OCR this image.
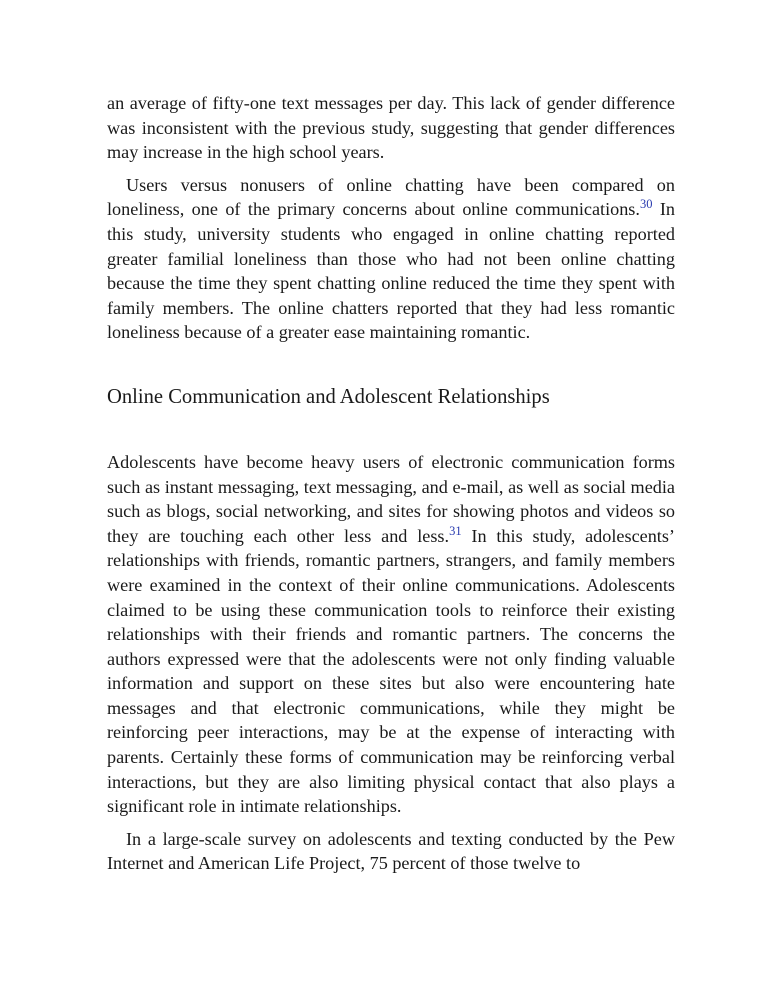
an average of fifty-one text messages per day. This lack of gender difference was inconsistent with the previous study, suggesting that gender differences may increase in the high school years.

Users versus nonusers of online chatting have been compared on loneliness, one of the primary concerns about online communications.$^{30}$ In this study, university students who engaged in online chatting reported greater familial loneliness than those who had not been online chatting because the time they spent chatting online reduced the time they spent with family members. The online chatters reported that they had less romantic loneliness because of a greater ease maintaining romantic.

Online Communication and Adolescent Relationships

Adolescents have become heavy users of electronic communication forms such as instant messaging, text messaging, and e-mail, as well as social media such as blogs, social networking, and sites for showing photos and videos so they are touching each other less and less.$^{31}$ In this study, adolescents’ relationships with friends, romantic partners, strangers, and family members were examined in the context of their online communications. Adolescents claimed to be using these communication tools to reinforce their existing relationships with their friends and romantic partners. The concerns the authors expressed were that the adolescents were not only finding valuable information and support on these sites but also were encountering hate messages and that electronic communications, while they might be reinforcing peer interactions, may be at the expense of interacting with parents. Certainly these forms of communication may be reinforcing verbal interactions, but they are also limiting physical contact that also plays a significant role in intimate relationships.

In a large-scale survey on adolescents and texting conducted by the Pew Internet and American Life Project, 75 percent of those twelve to
